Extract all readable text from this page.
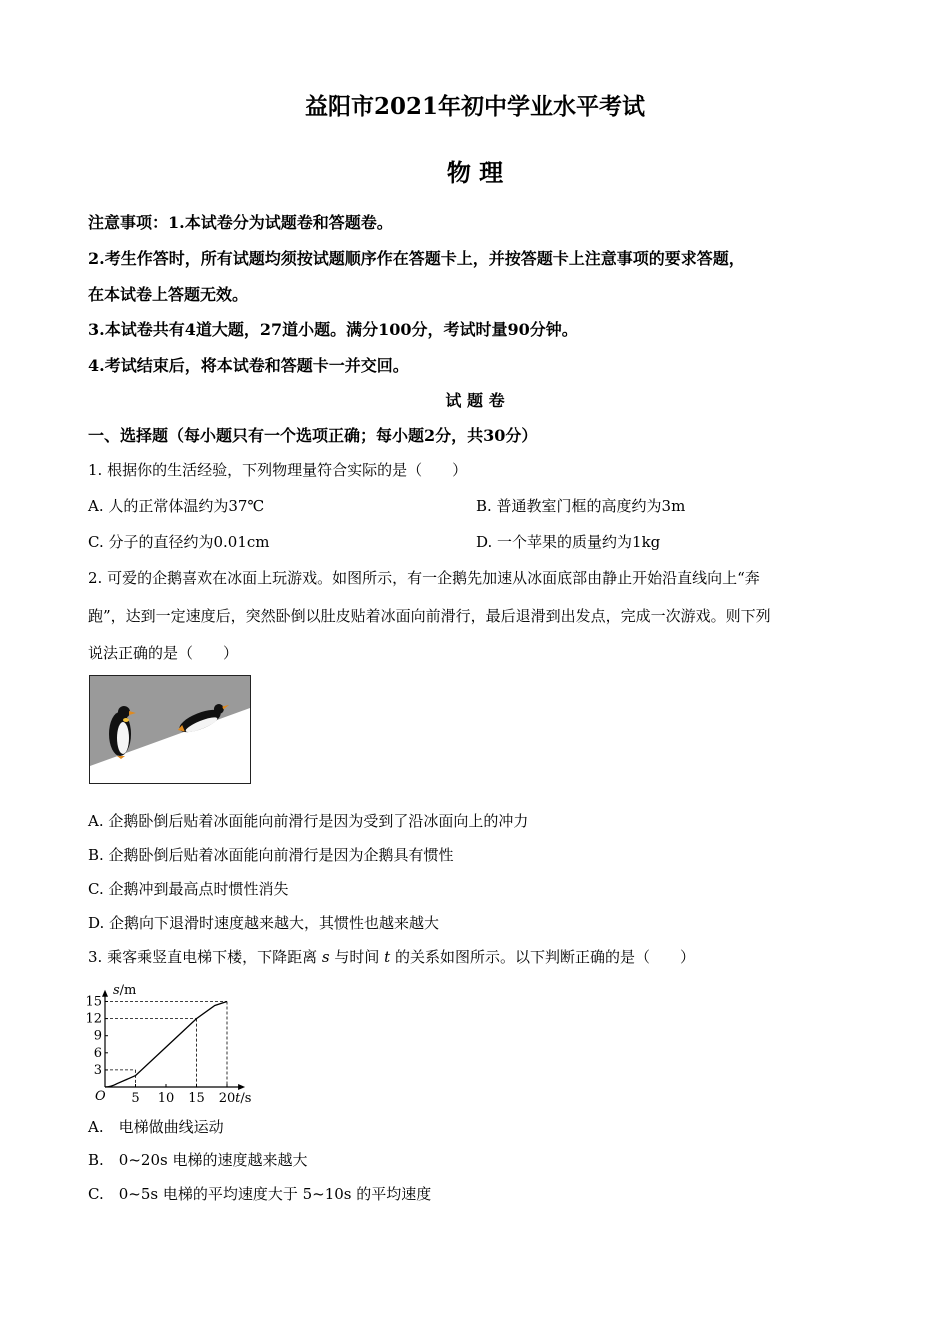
益阳市2021年初中学业水平考试
物 理
注意事项：1.本试卷分为试题卷和答题卷。
2.考生作答时，所有试题均须按试题顺序作在答题卡上，并按答题卡上注意事项的要求答题，
在本试卷上答题无效。
3.本试卷共有4道大题，27道小题。满分100分，考试时量90分钟。
4.考试结束后，将本试卷和答题卡一并交回。
试 题 卷
一、选择题（每小题只有一个选项正确；每小题2分，共30分）
1. 根据你的生活经验，下列物理量符合实际的是（　　）
A. 人的正常体温约为37℃	B. 普通教室门框的高度约为3m
C. 分子的直径约为0.01cm	D. 一个苹果的质量约为1kg
2. 可爱的企鹅喜欢在冰面上玩游戏。如图所示，有一企鹅先加速从冰面底部由静止开始沿直线向上“奔
跑”，达到一定速度后，突然卧倒以肚皮贴着冰面向前滑行，最后退滑到出发点，完成一次游戏。则下列
说法正确的是（　　）
A. 企鹅卧倒后贴着冰面能向前滑行是因为受到了沿冰面向上的冲力
B. 企鹅卧倒后贴着冰面能向前滑行是因为企鹅具有惯性
C. 企鹅冲到最高点时惯性消失
D. 企鹅向下退滑时速度越来越大，其惯性也越来越大
3. 乘客乘竖直电梯下楼，下降距离 s 与时间 t 的关系如图所示。以下判断正确的是（　　）
5 10 15 20
3
6
9
12
15
O	t/s
s/m
A.　电梯做曲线运动
B.　0~20s 电梯的速度越来越大
C.　0~5s 电梯的平均速度大于 5~10s 的平均速度
